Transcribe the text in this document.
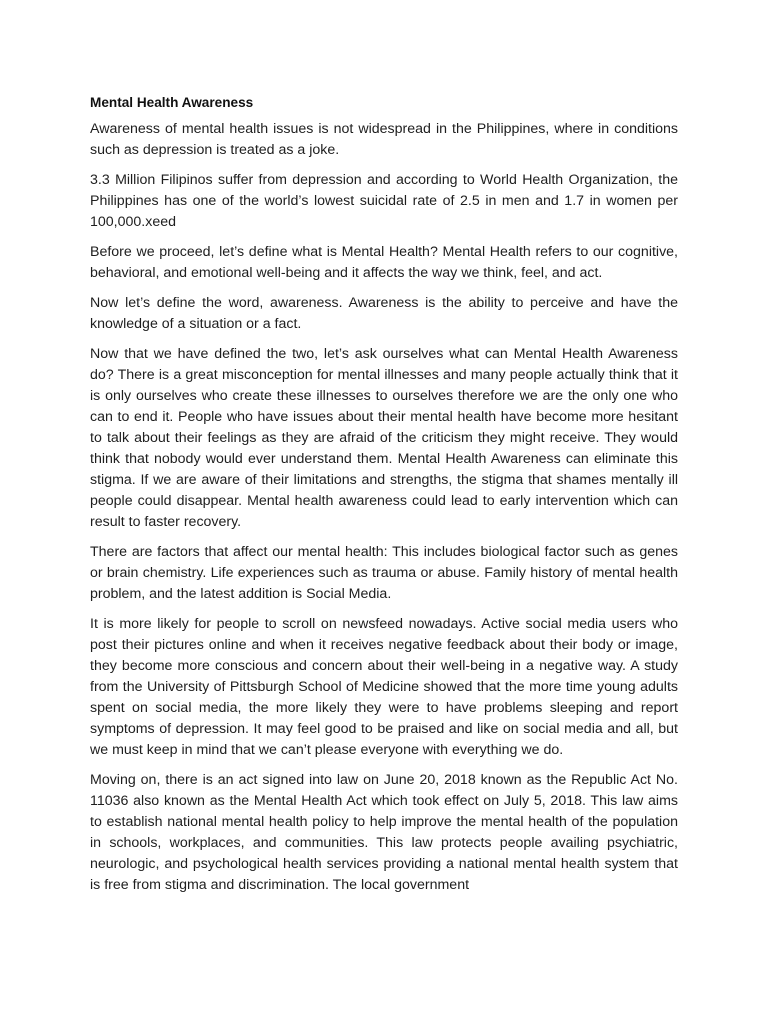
Mental Health Awareness

Awareness of mental health issues is not widespread in the Philippines, where in conditions such as depression is treated as a joke.

3.3 Million Filipinos suffer from depression and according to World Health Organization, the Philippines has one of the world’s lowest suicidal rate of 2.5 in men and 1.7 in women per 100,000.xeed

Before we proceed, let’s define what is Mental Health? Mental Health refers to our cognitive, behavioral, and emotional well-being and it affects the way we think, feel, and act.

Now let’s define the word, awareness. Awareness is the ability to perceive and have the knowledge of a situation or a fact.

Now that we have defined the two, let’s ask ourselves what can Mental Health Awareness do? There is a great misconception for mental illnesses and many people actually think that it is only ourselves who create these illnesses to ourselves therefore we are the only one who can to end it. People who have issues about their mental health have become more hesitant to talk about their feelings as they are afraid of the criticism they might receive. They would think that nobody would ever understand them. Mental Health Awareness can eliminate this stigma. If we are aware of their limitations and strengths, the stigma that shames mentally ill people could disappear. Mental health awareness could lead to early intervention which can result to faster recovery.

There are factors that affect our mental health: This includes biological factor such as genes or brain chemistry. Life experiences such as trauma or abuse. Family history of mental health problem, and the latest addition is Social Media.

It is more likely for people to scroll on newsfeed nowadays. Active social media users who post their pictures online and when it receives negative feedback about their body or image, they become more conscious and concern about their well-being in a negative way. A study from the University of Pittsburgh School of Medicine showed that the more time young adults spent on social media, the more likely they were to have problems sleeping and report symptoms of depression. It may feel good to be praised and like on social media and all, but we must keep in mind that we can’t please everyone with everything we do.

Moving on, there is an act signed into law on June 20, 2018 known as the Republic Act No. 11036 also known as the Mental Health Act which took effect on July 5, 2018. This law aims to establish national mental health policy to help improve the mental health of the population in schools, workplaces, and communities. This law protects people availing psychiatric, neurologic, and psychological health services providing a national mental health system that is free from stigma and discrimination. The local government
